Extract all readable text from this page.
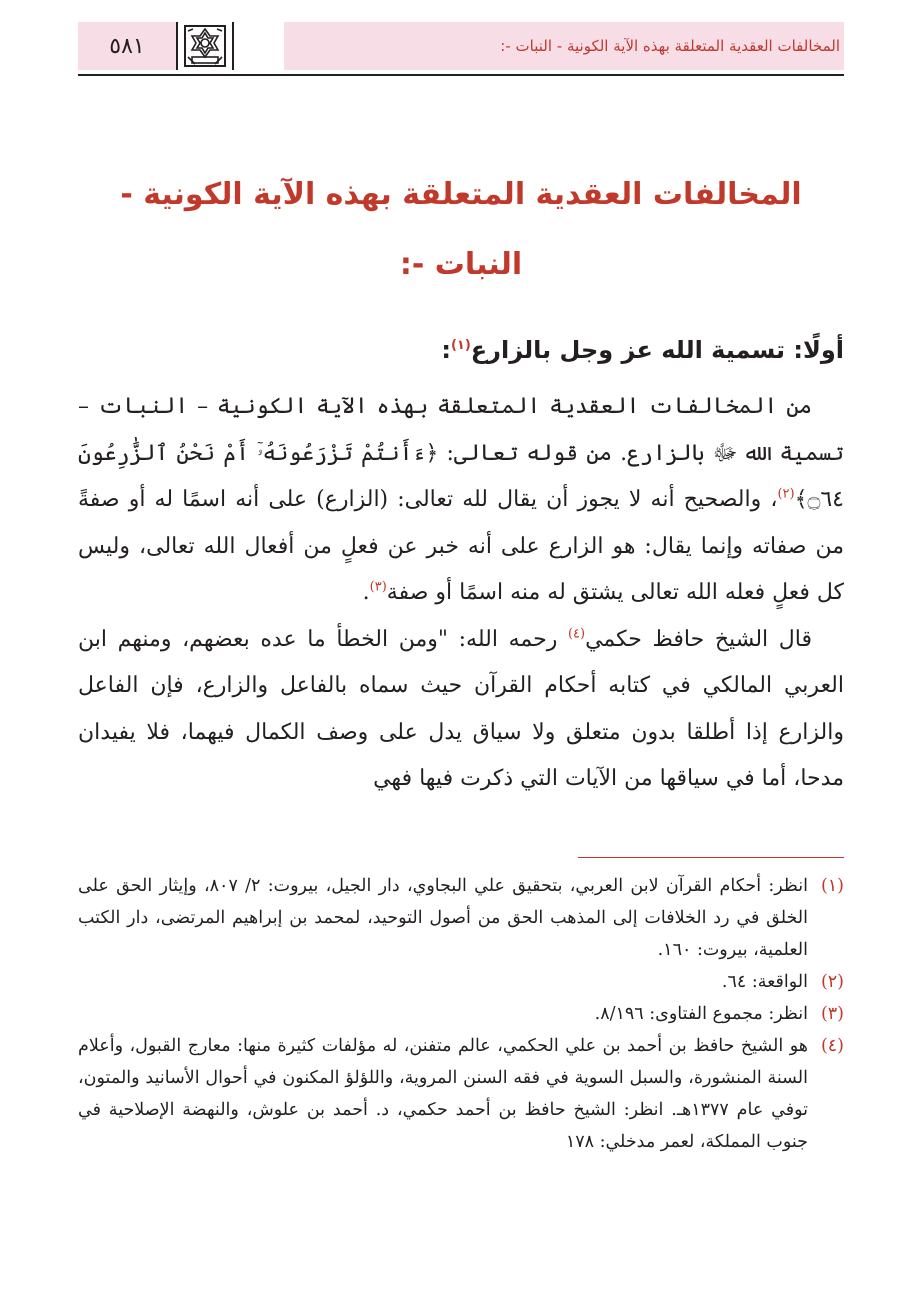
٥٨١	المخالفات العقدية المتعلقة بهذه الآية الكونية - النبات -:
المخالفات العقدية المتعلقة بهذه الآية الكونية - النبات -:
أولًا: تسمية الله عز وجل بالزارع$^{(١)}$:

من المخالفات العقدية المتعلقة بهذه الآية الكونية – النبات – تسمية الله ﷻ بالزارع. من قوله تعالى: ﴿ءَأَنتُمْ تَزْرَعُونَهُۥٓ أَمْ نَحْنُ ٱلزَّٰرِعُونَ ۝٦٤﴾$^{(٢)}$، والصحيح أنه لا يجوز أن يقال لله تعالى: (الزارع) على أنه اسمًا له أو صفةً من صفاته وإنما يقال: هو الزارع على أنه خبر عن فعلٍ من أفعال الله تعالى، وليس كل فعلٍ فعله الله تعالى يشتق له منه اسمًا أو صفة$^{(٣)}$.

قال الشيخ حافظ حكمي$^{(٤)}$ رحمه الله: "ومن الخطأ ما عده بعضهم، ومنهم ابن العربي المالكي في كتابه أحكام القرآن حيث سماه بالفاعل والزارع، فإن الفاعل والزارع إذا أطلقا بدون متعلق ولا سياق يدل على وصف الكمال فيهما، فلا يفيدان مدحا، أما في سياقها من الآيات التي ذكرت فيها فهي

(١)
انظر: أحكام القرآن لابن العربي، بتحقيق علي البجاوي، دار الجيل، بيروت: ٢/ ٨٠٧، وإيثار الحق على الخلق في رد الخلافات إلى المذهب الحق من أصول التوحيد، لمحمد بن إبراهيم المرتضى، دار الكتب العلمية، بيروت: ١٦٠.
(٢)
الواقعة: ٦٤.
(٣)
انظر: مجموع الفتاوى: ٨/١٩٦.
(٤)
هو الشيخ حافظ بن أحمد بن علي الحكمي، عالم متفنن، له مؤلفات كثيرة منها: معارج القبول، وأعلام السنة المنشورة، والسبل السوية في فقه السنن المروية، واللؤلؤ المكنون في أحوال الأسانيد والمتون، توفي عام ١٣٧٧هـ. انظر: الشيخ حافظ بن أحمد حكمي، د. أحمد بن علوش، والنهضة الإصلاحية في جنوب المملكة، لعمر مدخلي: ١٧٨
